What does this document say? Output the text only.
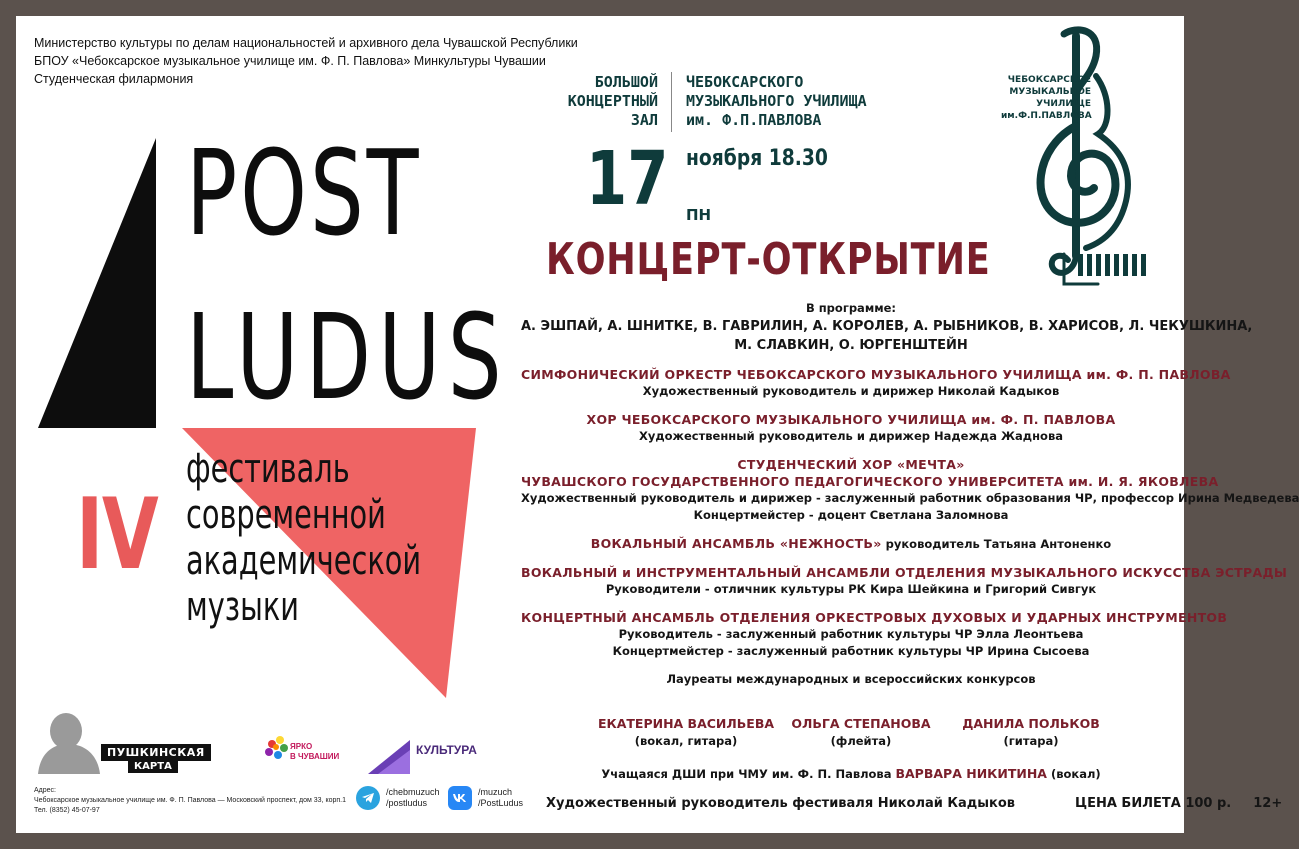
Министерство культуры по делам национальностей и архивного дела Чувашской Республики
БПОУ «Чебоксарское музыкальное училище им. Ф. П. Павлова» Минкультуры Чувашии
Студенческая филармония
POST
LUDUS
IV
фестиваль
современной
академической
музыки
БОЛЬШОЙ
КОНЦЕРТНЫЙ
ЗАЛ
ЧЕБОКСАРСКОГО
МУЗЫКАЛЬНОГО УЧИЛИЩА
им. Ф.П.ПАВЛОВА
ЧЕБОКСАРСКОЕ
МУЗЫКАЛЬНОЕ
УЧИЛИЩЕ
им.Ф.П.ПАВЛОВА
17 ноября 18.30
ПН
КОНЦЕРТ-ОТКРЫТИЕ
В программе:
А. ЭШПАЙ, А. ШНИТКЕ, В. ГАВРИЛИН, А. КОРОЛЕВ, А. РЫБНИКОВ, В. ХАРИСОВ, Л. ЧЕКУШКИНА,
М. СЛАВКИН, О. ЮРГЕНШТЕЙН
СИМФОНИЧЕСКИЙ ОРКЕСТР ЧЕБОКСАРСКОГО МУЗЫКАЛЬНОГО УЧИЛИЩА им. Ф. П. ПАВЛОВА
Художественный руководитель и дирижер Николай Кадыков
ХОР ЧЕБОКСАРСКОГО МУЗЫКАЛЬНОГО УЧИЛИЩА им. Ф. П. ПАВЛОВА
Художественный руководитель и дирижер Надежда Жаднова
СТУДЕНЧЕСКИЙ ХОР «МЕЧТА»
ЧУВАШСКОГО ГОСУДАРСТВЕННОГО ПЕДАГОГИЧЕСКОГО УНИВЕРСИТЕТА им. И. Я. ЯКОВЛЕВА
Художественный руководитель и дирижер - заслуженный работник образования ЧР, профессор Ирина Медведева
Концертмейстер - доцент Светлана Заломнова
ВОКАЛЬНЫЙ АНСАМБЛЬ «НЕЖНОСТЬ» руководитель Татьяна Антоненко
ВОКАЛЬНЫЙ и ИНСТРУМЕНТАЛЬНЫЙ АНСАМБЛИ ОТДЕЛЕНИЯ МУЗЫКАЛЬНОГО ИСКУССТВА ЭСТРАДЫ
Руководители - отличник культуры РК Кира Шейкина и Григорий Сивгук
КОНЦЕРТНЫЙ АНСАМБЛЬ ОТДЕЛЕНИЯ ОРКЕСТРОВЫХ ДУХОВЫХ И УДАРНЫХ ИНСТРУМЕНТОВ
Руководитель - заслуженный работник культуры ЧР Элла Леонтьева
Концертмейстер - заслуженный работник культуры ЧР Ирина Сысоева
Лауреаты международных и всероссийских конкурсов
ЕКАТЕРИНА ВАСИЛЬЕВА
(вокал, гитара)
ОЛЬГА СТЕПАНОВА
(флейта)
ДАНИЛА ПОЛЬКОВ
(гитара)
Учащаяся ДШИ при ЧМУ им. Ф. П. Павлова ВАРВАРА НИКИТИНА (вокал)
Художественный руководитель фестиваля Николай Кадыков	ЦЕНА БИЛЕТА 100 р. 12+
ПУШКИНСКАЯ
КАРТА
ЯРКО
В ЧУВАШИИ	КУЛЬТУРА
Адрес:
Чебоксарское музыкальное училище им. Ф. П. Павлова — Московский проспект, дом 33, корп.1
Тел. (8352) 45-07-97
/chebmuzuch
/postludus
/muzuch
/PostLudus
